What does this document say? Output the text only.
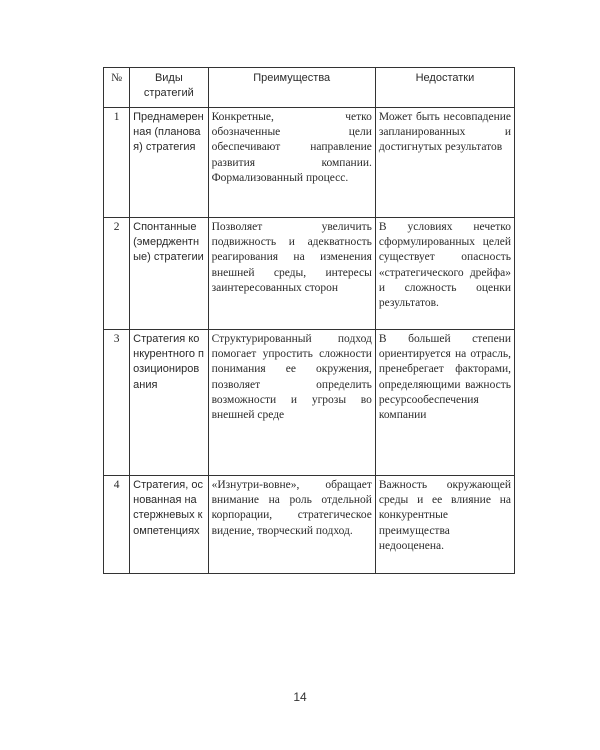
№	Виды стратегий	Преимущества	Недостатки
1	Преднамеренная (плановая) стратегия	Конкретные, четко обозначенные цели обеспечивают направление развития компании. Формализованный процесс.	Может быть несовпадение запланированных и достигнутых результатов
2	Спонтанные (эмерджентные) стратегии	Позволяет увеличить подвижность и адекватность реагирования на изменения внешней среды, интересы заинтересованных сторон	В условиях нечетко сформулированных целей существует опасность «стратегического дрейфа» и сложность оценки результатов.
3	Стратегия конкурентного позиционирования	Структурированный подход помогает упростить сложности понимания ее окружения, позволяет определить возможности и угрозы во внешней среде	В большей степени ориентируется на отрасль, пренебрегает факторами, определяющими важность ресурсообеспечения компании
4	Стратегия, основанная на стержневых компетенциях	«Изнутри-вовне», обращает внимание на роль отдельной корпорации, стратегическое видение, творческий подход.	Важность окружающей среды и ее влияние на конкурентные преимущества недооценена.
14
